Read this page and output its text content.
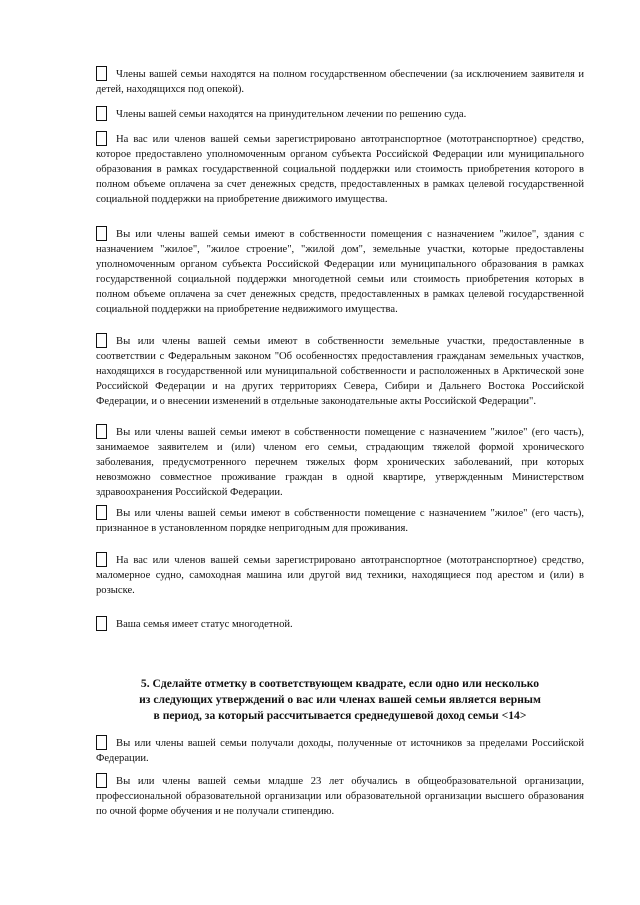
Члены вашей семьи находятся на полном государственном обеспечении (за исключением заявителя и детей, находящихся под опекой).
Члены вашей семьи находятся на принудительном лечении по решению суда.
На вас или членов вашей семьи зарегистрировано автотранспортное (мототранспортное) средство, которое предоставлено уполномоченным органом субъекта Российской Федерации или муниципального образования в рамках государственной социальной поддержки или стоимость приобретения которого в полном объеме оплачена за счет денежных средств, предоставленных в рамках целевой государственной социальной поддержки на приобретение движимого имущества.
Вы или члены вашей семьи имеют в собственности помещения с назначением "жилое", здания с назначением "жилое", "жилое строение", "жилой дом", земельные участки, которые предоставлены уполномоченным органом субъекта Российской Федерации или муниципального образования в рамках государственной социальной поддержки многодетной семьи или стоимость приобретения которых в полном объеме оплачена за счет денежных средств, предоставленных в рамках целевой государственной социальной поддержки на приобретение недвижимого имущества.
Вы или члены вашей семьи имеют в собственности земельные участки, предоставленные в соответствии с Федеральным законом "Об особенностях предоставления гражданам земельных участков, находящихся в государственной или муниципальной собственности и расположенных в Арктической зоне Российской Федерации и на других территориях Севера, Сибири и Дальнего Востока Российской Федерации, и о внесении изменений в отдельные законодательные акты Российской Федерации".
Вы или члены вашей семьи имеют в собственности помещение с назначением "жилое" (его часть), занимаемое заявителем и (или) членом его семьи, страдающим тяжелой формой хронического заболевания, предусмотренного перечнем тяжелых форм хронических заболеваний, при которых невозможно совместное проживание граждан в одной квартире, утвержденным Министерством здравоохранения Российской Федерации.
Вы или члены вашей семьи имеют в собственности помещение с назначением "жилое" (его часть), признанное в установленном порядке непригодным для проживания.
На вас или членов вашей семьи зарегистрировано автотранспортное (мототранспортное) средство, маломерное судно, самоходная машина или другой вид техники, находящиеся под арестом и (или) в розыске.
Ваша семья имеет статус многодетной.
5. Сделайте отметку в соответствующем квадрате, если одно или несколько
из следующих утверждений о вас или членах вашей семьи является верным
в период, за который рассчитывается среднедушевой доход семьи <14>
Вы или члены вашей семьи получали доходы, полученные от источников за пределами Российской Федерации.
Вы или члены вашей семьи младше 23 лет обучались в общеобразовательной организации, профессиональной образовательной организации или образовательной организации высшего образования по очной форме обучения и не получали стипендию.
